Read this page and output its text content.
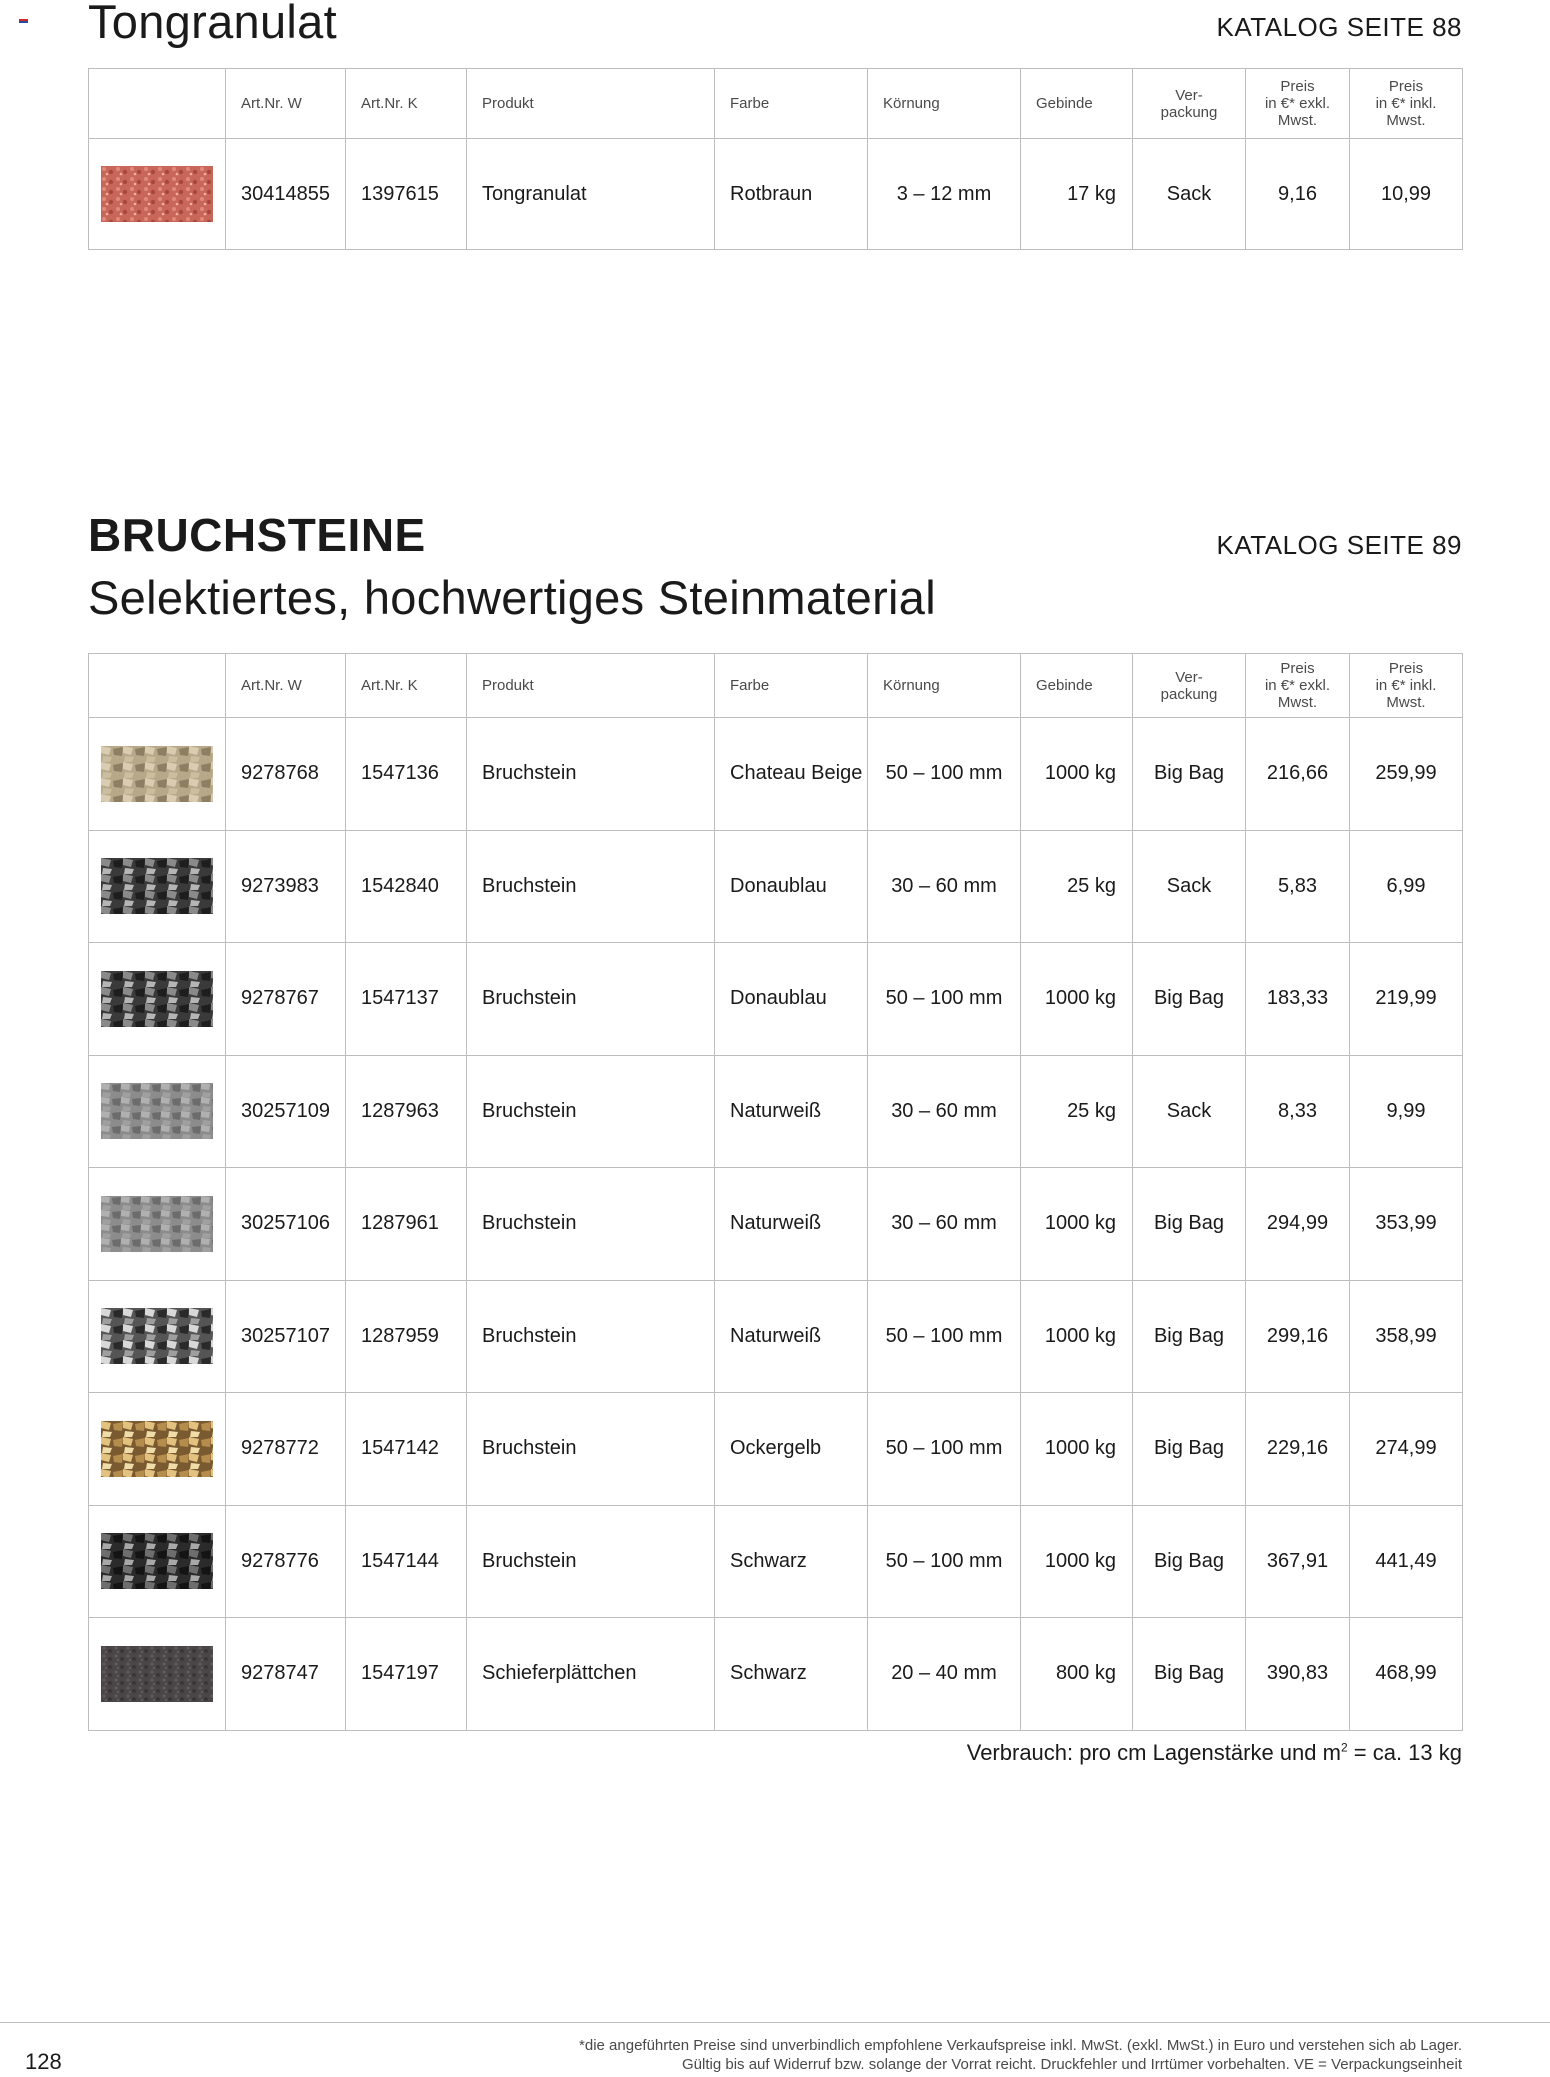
Tongranulat	KATALOG SEITE 88
	Art.Nr. W	Art.Nr. K	Produkt	Farbe	Körnung	Gebinde	Ver-
packung	Preis
in €* exkl.
Mwst.	Preis
in €* inkl.
Mwst.

	30414855	1397615	Tongranulat	Rotbraun	3 – 12 mm	17 kg	Sack	9,16	10,99
BRUCHSTEINE	KATALOG SEITE 89
Selektiertes, hochwertiges Steinmaterial
	Art.Nr. W	Art.Nr. K	Produkt	Farbe	Körnung	Gebinde	Ver-
packung	Preis
in €* exkl.
Mwst.	Preis
in €* inkl.
Mwst.

	9278768	1547136	Bruchstein	Chateau Beige	50 – 100 mm	1000 kg	Big Bag	216,66	259,99

	9273983	1542840	Bruchstein	Donaublau	30 – 60 mm	25 kg	Sack	5,83	6,99

	9278767	1547137	Bruchstein	Donaublau	50 – 100 mm	1000 kg	Big Bag	183,33	219,99

	30257109	1287963	Bruchstein	Naturweiß	30 – 60 mm	25 kg	Sack	8,33	9,99

	30257106	1287961	Bruchstein	Naturweiß	30 – 60 mm	1000 kg	Big Bag	294,99	353,99

	30257107	1287959	Bruchstein	Naturweiß	50 – 100 mm	1000 kg	Big Bag	299,16	358,99

	9278772	1547142	Bruchstein	Ockergelb	50 – 100 mm	1000 kg	Big Bag	229,16	274,99

	9278776	1547144	Bruchstein	Schwarz	50 – 100 mm	1000 kg	Big Bag	367,91	441,49

	9278747	1547197	Schieferplättchen	Schwarz	20 – 40 mm	800 kg	Big Bag	390,83	468,99
Verbrauch: pro cm Lagenstärke und $m^2$ = ca. 13 kg
128
*die angeführten Preise sind unverbindlich empfohlene Verkaufspreise inkl. MwSt. (exkl. MwSt.) in Euro und verstehen sich ab Lager.
Gültig bis auf Widerruf bzw. solange der Vorrat reicht. Druckfehler und Irrtümer vorbehalten. VE = Verpackungseinheit
